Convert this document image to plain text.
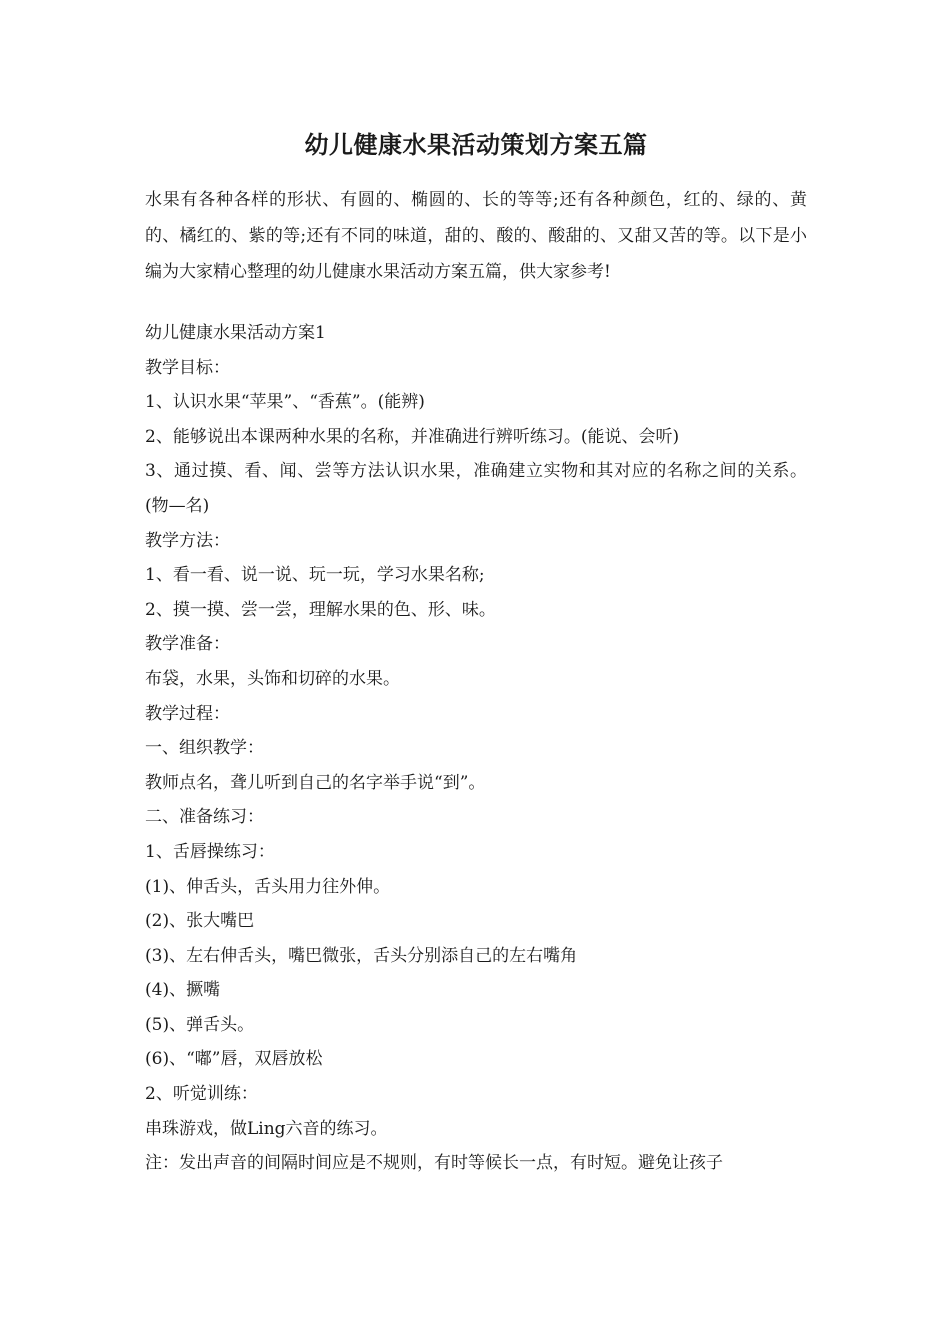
幼儿健康水果活动策划方案五篇
水果有各种各样的形状、有圆的、椭圆的、长的等等;还有各种颜色，红的、绿的、黄的、橘红的、紫的等;还有不同的味道，甜的、酸的、酸甜的、又甜又苦的等。以下是小编为大家精心整理的幼儿健康水果活动方案五篇，供大家参考!
幼儿健康水果活动方案1
教学目标：
1、认识水果“苹果”、“香蕉”。(能辨)
2、能够说出本课两种水果的名称，并准确进行辨听练习。(能说、会听)
3、通过摸、看、闻、尝等方法认识水果，准确建立实物和其对应的名称之间的关系。 (物—名)
教学方法：
1、看一看、说一说、玩一玩，学习水果名称;
2、摸一摸、尝一尝，理解水果的色、形、味。
教学准备：
布袋，水果，头饰和切碎的水果。
教学过程：
一、组织教学：
教师点名，聋儿听到自己的名字举手说“到”。
二、准备练习：
1、舌唇操练习：
(1)、伸舌头，舌头用力往外伸。
(2)、张大嘴巴
(3)、左右伸舌头，嘴巴微张，舌头分别添自己的左右嘴角
(4)、撅嘴
(5)、弹舌头。
(6)、“嘟”唇，双唇放松
2、听觉训练：
串珠游戏，做Ling六音的练习。
注：发出声音的间隔时间应是不规则，有时等候长一点，有时短。避免让孩子
